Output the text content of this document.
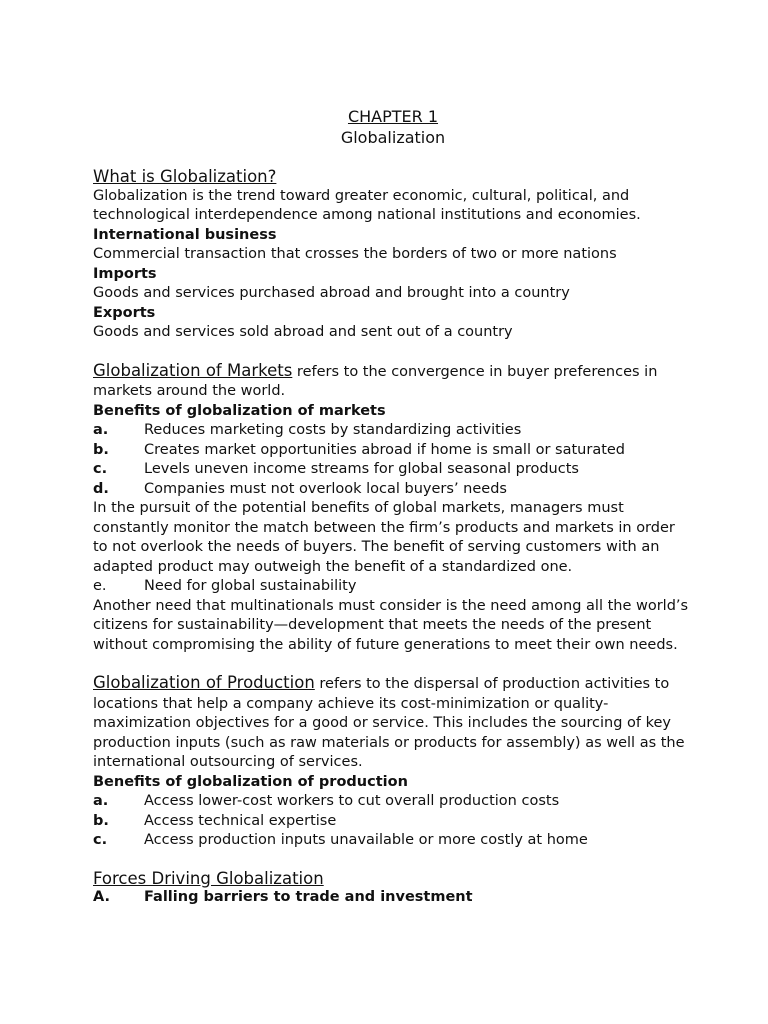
CHAPTER 1
Globalization
What is Globalization?

Globalization is the trend toward greater economic, cultural, political, and technological interdependence among national institutions and economies.

International business

Commercial transaction that crosses the borders of two or more nations

Imports

Goods and services purchased abroad and brought into a country

Exports

Goods and services sold abroad and sent out of a country

Globalization of Markets refers to the convergence in buyer preferences in markets around the world.

Benefits of globalization of markets
a.	Reduces marketing costs by standardizing activities
b.	Creates market opportunities abroad if home is small or saturated
c.	Levels uneven income streams for global seasonal products
d.	Companies must not overlook local buyers’ needs

In the pursuit of the potential benefits of global markets, managers must constantly monitor the match between the firm’s products and markets in order to not overlook the needs of buyers. The benefit of serving customers with an adapted product may outweigh the benefit of a standardized one.

e.	Need for global sustainability

Another need that multinationals must consider is the need among all the world’s citizens for sustainability—development that meets the needs of the present without compromising the ability of future generations to meet their own needs.

Globalization of Production refers to the dispersal of production activities to locations that help a company achieve its cost-minimization or quality-maximization objectives for a good or service. This includes the sourcing of key production inputs (such as raw materials or products for assembly) as well as the international outsourcing of services.

Benefits of globalization of production
a.	Access lower-cost workers to cut overall production costs
b.	Access technical expertise
c.	Access production inputs unavailable or more costly at home
Forces Driving Globalization
A.	Falling barriers to trade and investment
